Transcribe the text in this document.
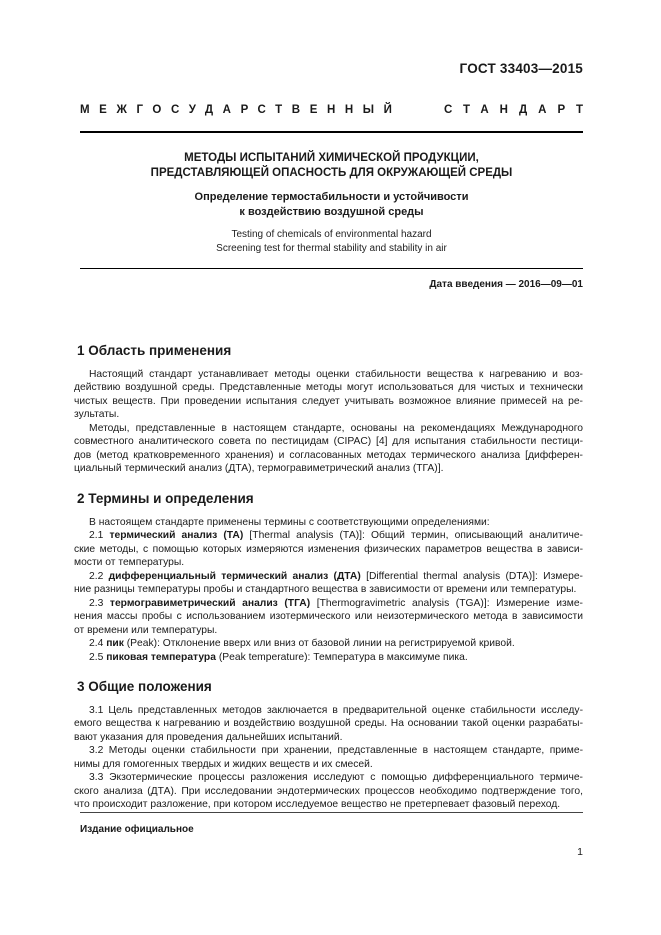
ГОСТ 33403—2015
МЕЖГОСУДАРСТВЕННЫЙ	СТАНДАРТ
МЕТОДЫ ИСПЫТАНИЙ ХИМИЧЕСКОЙ ПРОДУКЦИИ,
ПРЕДСТАВЛЯЮЩЕЙ ОПАСНОСТЬ ДЛЯ ОКРУЖАЮЩЕЙ СРЕДЫ
Определение термостабильности и устойчивости
к воздействию воздушной среды
Testing of chemicals of environmental hazard
Screening test for thermal stability and stability in air
Дата введения — 2016—09—01
1 Область применения
Настоящий стандарт устанавливает методы оценки стабильности вещества к нагреванию и воз-
действию воздушной среды. Представленные методы могут использоваться для чистых и технически
чистых веществ. При проведении испытания следует учитывать возможное влияние примесей на ре-
зультаты.
Методы, представленные в настоящем стандарте, основаны на рекомендациях Международного
совместного аналитического совета по пестицидам (CIPAC) [4] для испытания стабильности пестици-
дов (метод кратковременного хранения) и согласованных методах термического анализа [дифферен-
циальный термический анализ (ДТА), термогравиметрический анализ (ТГА)].
2 Термины и определения
В настоящем стандарте применены термины с соответствующими определениями:
2.1 термический анализ (ТА) [Thermal analysis (ТА)]: Общий термин, описывающий аналитиче-
ские методы, с помощью которых измеряются изменения физических параметров вещества в зависи-
мости от температуры.
2.2 дифференциальный термический анализ (ДТА) [Differential thermal analysis (DTA)]: Измере-
ние разницы температуры пробы и стандартного вещества в зависимости от времени или температуры.
2.3 термогравиметрический анализ (ТГА) [Thermogravimetric analysis (TGA)]: Измерение изме-
нения массы пробы с использованием изотермического или неизотермического метода в зависимости
от времени или температуры.
2.4 пик (Peak): Отклонение вверх или вниз от базовой линии на регистрируемой кривой.
2.5 пиковая температура (Peak temperature): Температура в максимуме пика.
3 Общие положения
3.1 Цель представленных методов заключается в предварительной оценке стабильности исследу-
емого вещества к нагреванию и воздействию воздушной среды. На основании такой оценки разрабаты-
вают указания для проведения дальнейших испытаний.
3.2 Методы оценки стабильности при хранении, представленные в настоящем стандарте, приме-
нимы для гомогенных твердых и жидких веществ и их смесей.
3.3 Экзотермические процессы разложения исследуют с помощью дифференциального термиче-
ского анализа (ДТА). При исследовании эндотермических процессов необходимо подтверждение того,
что происходит разложение, при котором исследуемое вещество не претерпевает фазовый переход.
Издание официальное
1
